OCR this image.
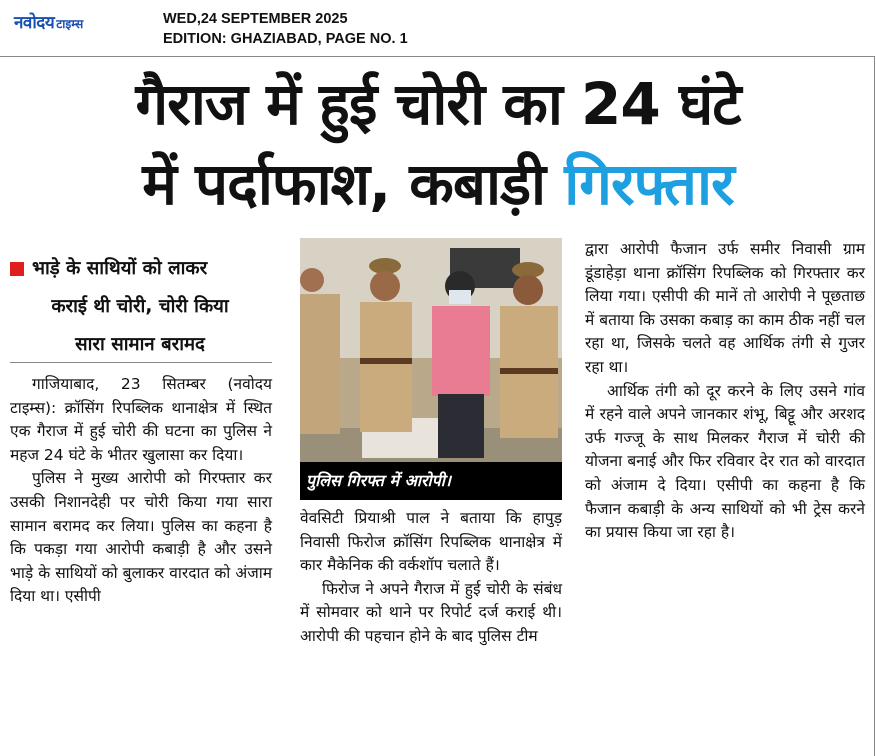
नवोदय टाइम्स	WED,24 SEPTEMBER 2025
EDITION: GHAZIABAD, PAGE NO. 1
गैराज में हुई चोरी का 24 घंटे
में पर्दाफाश, कबाड़ी गिरफ्तार
भाड़े के साथियों को लाकर
कराई थी चोरी, चोरी किया
सारा सामान बरामद

गाजियाबाद, 23 सितम्बर (नवोदय टाइम्स): क्रॉसिंग रिपब्लिक थानाक्षेत्र में स्थित एक गैराज में हुई चोरी की घटना का पुलिस ने महज 24 घंटे के भीतर खुलासा कर दिया।

पुलिस ने मुख्य आरोपी को गिरफ्तार कर उसकी निशानदेही पर चोरी किया गया सारा सामान बरामद कर लिया। पुलिस का कहना है कि पकड़ा गया आरोपी कबाड़ी है और उसने भाड़े के साथियों को बुलाकर वारदात को अंजाम दिया था। एसीपी

पुलिस गिरफ्त में आरोपी।

वेवसिटी प्रियाश्री पाल ने बताया कि हापुड़ निवासी फिरोज क्रॉसिंग रिपब्लिक थानाक्षेत्र में कार मैकेनिक की वर्कशॉप चलाते हैं।

फिरोज ने अपने गैराज में हुई चोरी के संबंध में सोमवार को थाने पर रिपोर्ट दर्ज कराई थी। आरोपी की पहचान होने के बाद पुलिस टीम

द्वारा आरोपी फैजान उर्फ समीर निवासी ग्राम डूंडाहेड़ा थाना क्रॉसिंग रिपब्लिक को गिरफ्तार कर लिया गया। एसीपी की मानें तो आरोपी ने पूछताछ में बताया कि उसका कबाड़ का काम ठीक नहीं चल रहा था, जिसके चलते वह आर्थिक तंगी से गुजर रहा था।

आर्थिक तंगी को दूर करने के लिए उसने गांव में रहने वाले अपने जानकार शंभू, बिट्टू और अरशद उर्फ गज्जू के साथ मिलकर गैराज में चोरी की योजना बनाई और फिर रविवार देर रात को वारदात को अंजाम दे दिया। एसीपी का कहना है कि फैजान कबाड़ी के अन्य साथियों को भी ट्रेस करने का प्रयास किया जा रहा है।
